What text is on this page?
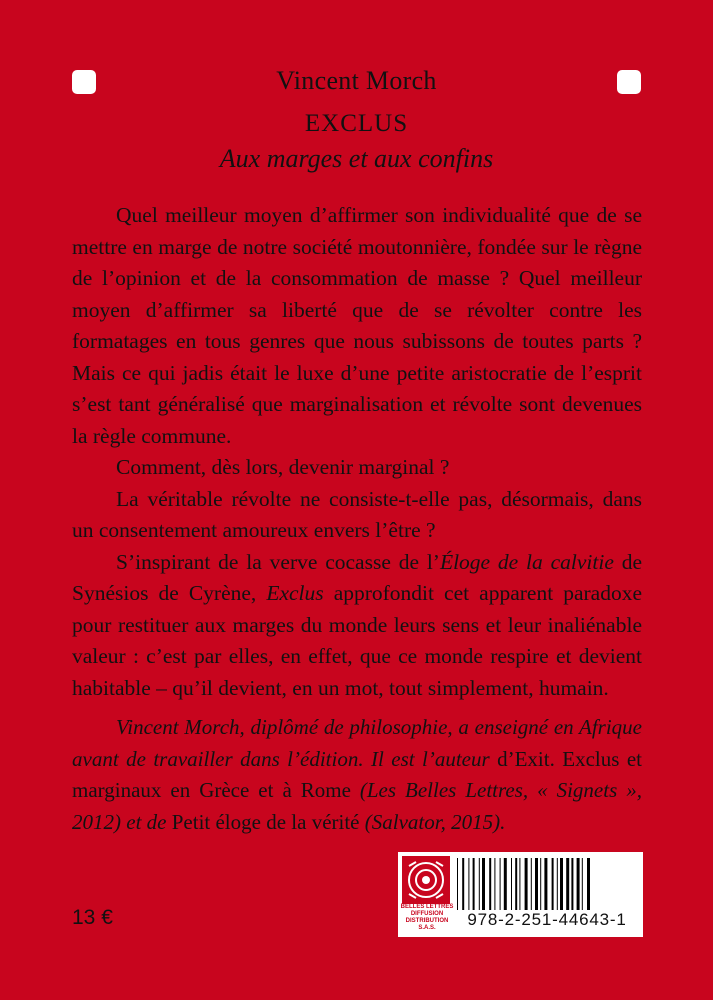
Vincent Morch
EXCLUS
Aux marges et aux confins

Quel meilleur moyen d’affirmer son individualité que de se mettre en marge de notre société moutonnière, fondée sur le règne de l’opinion et de la consommation de masse ? Quel meilleur moyen d’affirmer sa liberté que de se révolter contre les formatages en tous genres que nous subissons de toutes parts ? Mais ce qui jadis était le luxe d’une petite aristocratie de l’esprit s’est tant généralisé que marginalisation et révolte sont devenues la règle commune.

Comment, dès lors, devenir marginal ?

La véritable révolte ne consiste-t-elle pas, désormais, dans un consentement amoureux envers l’être ?

S’inspirant de la verve cocasse de l’Éloge de la calvitie de Synésios de Cyrène, Exclus approfondit cet apparent paradoxe pour restituer aux marges du monde leurs sens et leur inaliénable valeur : c’est par elles, en effet, que ce monde respire et devient habitable – qu’il devient, en un mot, tout simplement, humain.

Vincent Morch, diplômé de philosophie, a enseigné en Afrique avant de travailler dans l’édition. Il est l’auteur d’Exit. Exclus et marginaux en Grèce et à Rome (Les Belles Lettres, « Signets », 2012) et de Petit éloge de la vérité (Salvator, 2015).

13 €	BELLES LETTRES
DIFFUSION
DISTRIBUTION
S.A.S.	978-2-251-44643-1
